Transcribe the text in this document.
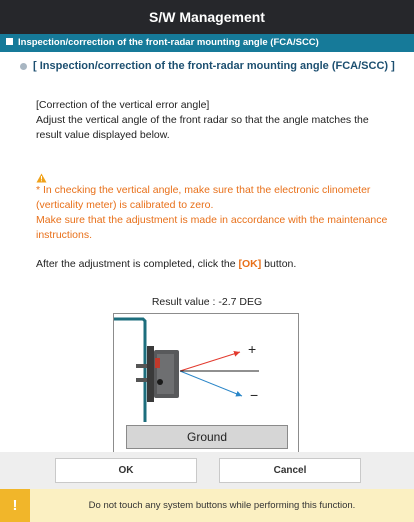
S/W Management
Inspection/correction of the front-radar mounting angle (FCA/SCC)
[ Inspection/correction of the front-radar mounting angle (FCA/SCC) ]
[Correction of the vertical error angle]
Adjust the vertical angle of the front radar so that the angle matches the result value displayed below.
* In checking the vertical angle, make sure that the electronic clinometer (verticality meter) is calibrated to zero.
Make sure that the adjustment is made in accordance with the maintenance instructions.
After the adjustment is completed, click the [OK] button.
Result value : -2.7 DEG
+
−
Ground
OK	Cancel
!	Do not touch any system buttons while performing this function.
